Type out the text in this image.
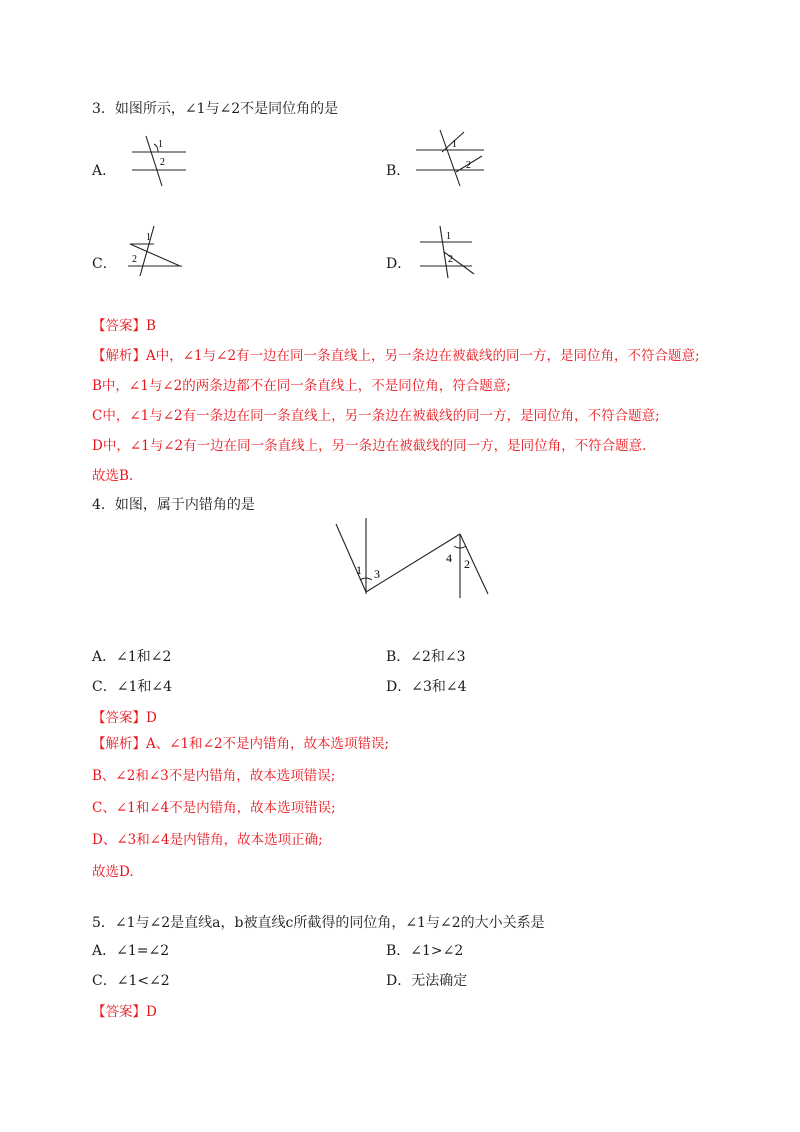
3．如图所示，∠1与∠2不是同位角的是
A．
1
2
B．
1
2
C．
1
2	D．
1
2
【答案】B
【解析】A中，∠1与∠2有一边在同一条直线上，另一条边在被截线的同一方，是同位角，不符合题意;
B中，∠1与∠2的两条边都不在同一条直线上，不是同位角，符合题意;
C中，∠1与∠2有一条边在同一条直线上，另一条边在被截线的同一方，是同位角，不符合题意;
D中，∠1与∠2有一边在同一条直线上，另一条边在被截线的同一方，是同位角，不符合题意.
故选B.
4．如图，属于内错角的是
1 3
4 2
A．∠1和∠2	B．∠2和∠3
C．∠1和∠4	D．∠3和∠4
【答案】D
【解析】A、∠1和∠2不是内错角，故本选项错误;
B、∠2和∠3不是内错角，故本选项错误;
C、∠1和∠4不是内错角，故本选项错误;
D、∠3和∠4是内错角，故本选项正确;
故选D.
5．∠1与∠2是直线a，b被直线c所截得的同位角，∠1与∠2的大小关系是
A．∠1=∠2	B．∠1>∠2
C．∠1<∠2	D．无法确定
【答案】D
